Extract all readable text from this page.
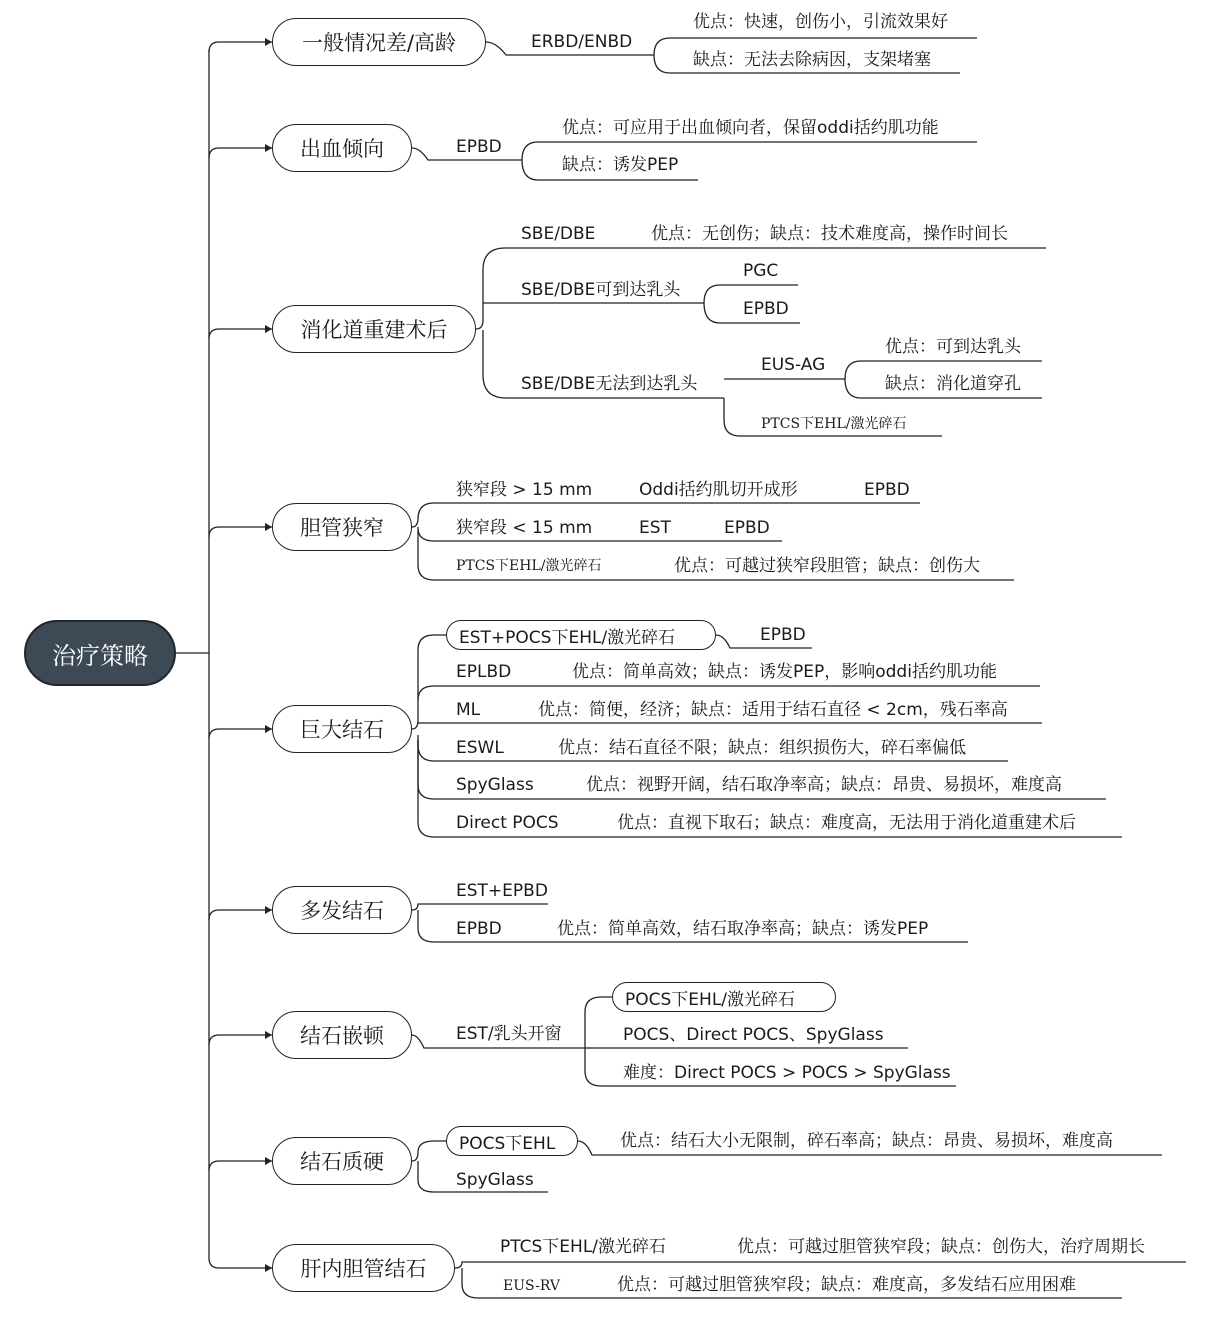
治疗策略
一般情况差/高龄
出血倾向
消化道重建术后
胆管狭窄
巨大结石
多发结石
结石嵌顿
结石质硬
肝内胆管结石
ERBD/ENBD
优点：快速，创伤小，引流效果好
缺点：无法去除病因，支架堵塞
EPBD
优点：可应用于出血倾向者，保留oddi括约肌功能
缺点：诱发PEP
SBE/DBE	优点：无创伤；缺点：技术难度高，操作时间长
SBE/DBE可到达乳头
PGC
EPBD
SBE/DBE无法到达乳头
EUS-AG
优点：可到达乳头
缺点：消化道穿孔
PTCS下EHL/激光碎石
狭窄段 > 15 mm	Oddi括约肌切开成形	EPBD
狭窄段 < 15 mm	EST	EPBD
PTCS下EHL/激光碎石	优点：可越过狭窄段胆管；缺点：创伤大
EST+POCS下EHL/激光碎石	EPBD
EPLBD	优点：简单高效；缺点：诱发PEP，影响oddi括约肌功能
ML	优点：简便，经济；缺点：适用于结石直径 < 2cm，残石率高
ESWL	优点：结石直径不限；缺点：组织损伤大，碎石率偏低
SpyGlass	优点：视野开阔，结石取净率高；缺点：昂贵、易损坏，难度高
Direct POCS	优点：直视下取石；缺点：难度高，无法用于消化道重建术后
EST+EPBD
EPBD	优点：简单高效，结石取净率高；缺点：诱发PEP
EST/乳头开窗
POCS下EHL/激光碎石
POCS、Direct POCS、SpyGlass
难度：Direct POCS > POCS > SpyGlass
POCS下EHL	优点：结石大小无限制，碎石率高；缺点：昂贵、易损坏，难度高
SpyGlass
PTCS下EHL/激光碎石	优点：可越过胆管狭窄段；缺点：创伤大，治疗周期长
EUS-RV	优点：可越过胆管狭窄段；缺点：难度高，多发结石应用困难
